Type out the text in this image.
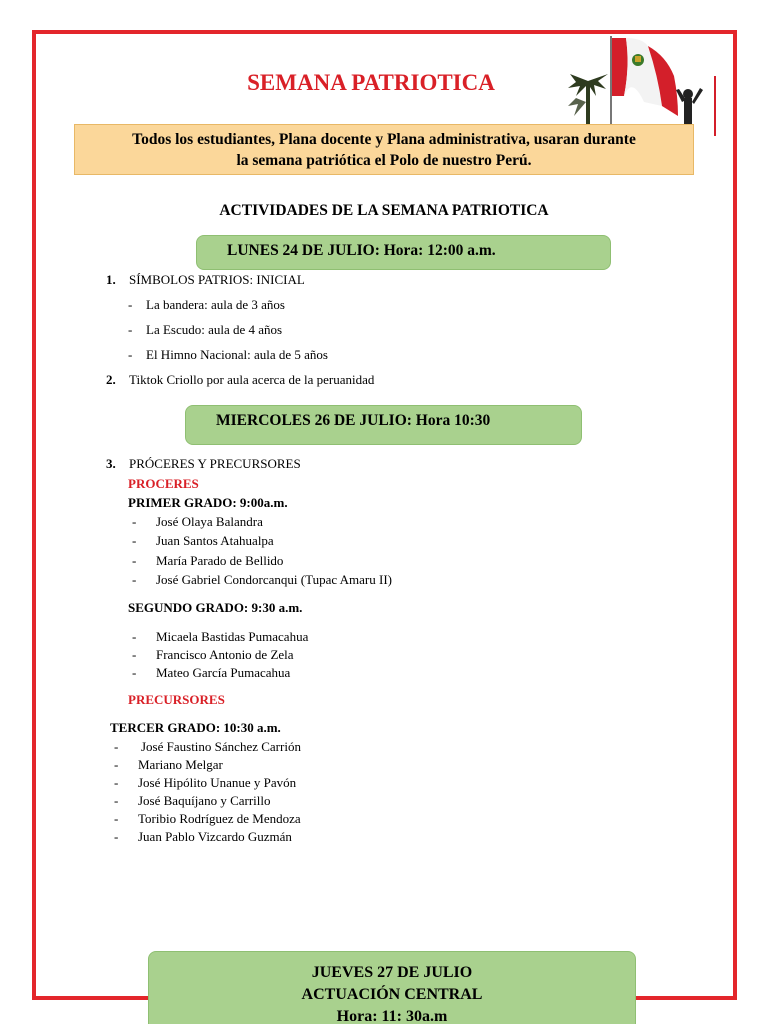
SEMANA PATRIOTICA
Todos los estudiantes, Plana docente y Plana administrativa, usaran durante
la semana patriótica el Polo de nuestro Perú.
ACTIVIDADES DE LA SEMANA PATRIOTICA
LUNES 24 DE JULIO: Hora: 12:00 a.m.
1. SÍMBOLOS PATRIOS: INICIAL
- La bandera: aula de 3 años
- La Escudo: aula de 4 años
- El Himno Nacional: aula de 5 años
2. Tiktok Criollo por aula acerca de la peruanidad
MIERCOLES 26 DE JULIO: Hora 10:30
3. PRÓCERES Y PRECURSORES
PROCERES
PRIMER GRADO: 9:00a.m.
- José Olaya Balandra
- Juan Santos Atahualpa
- María Parado de Bellido
- José Gabriel Condorcanqui (Tupac Amaru II)
SEGUNDO GRADO: 9:30 a.m.
- Micaela Bastidas Pumacahua
- Francisco Antonio de Zela
- Mateo García Pumacahua
PRECURSORES
TERCER GRADO: 10:30 a.m.
- José Faustino Sánchez Carrión
- Mariano Melgar
- José Hipólito Unanue y Pavón
- José Baquíjano y Carrillo
- Toribio Rodríguez de Mendoza
- Juan Pablo Vizcardo Guzmán
JUEVES 27 DE JULIO
ACTUACIÓN CENTRAL
Hora: 11: 30a.m
